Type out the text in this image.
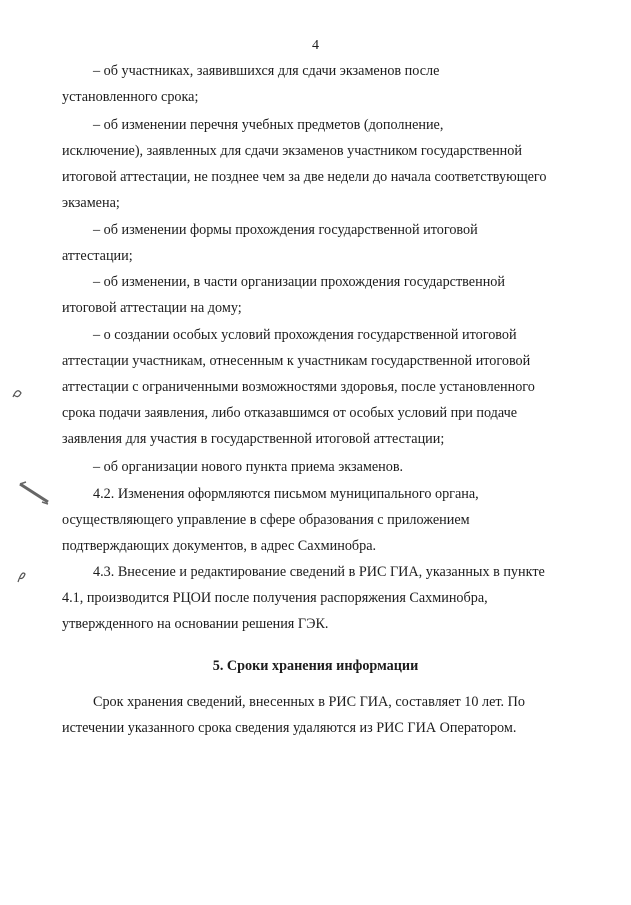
4
– об участниках, заявившихся для сдачи экзаменов после
установленного срока;
– об изменении перечня учебных предметов (дополнение,
исключение), заявленных для сдачи экзаменов участником государственной
итоговой аттестации, не позднее чем за две недели до начала соответствующего
экзамена;
– об изменении формы прохождения государственной итоговой
аттестации;
– об изменении, в части организации прохождения государственной
итоговой аттестации на дому;
– о создании особых условий прохождения государственной итоговой
аттестации участникам, отнесенным к участникам государственной итоговой
аттестации с ограниченными возможностями здоровья, после установленного
срока подачи заявления, либо отказавшимся от особых условий при подаче
заявления для участия в государственной итоговой аттестации;
– об организации нового пункта приема экзаменов.
4.2. Изменения оформляются письмом муниципального органа,
осуществляющего управление в сфере образования с приложением
подтверждающих документов, в адрес Сахминобра.
4.3. Внесение и редактирование сведений в РИС ГИА, указанных в пункте
4.1, производится РЦОИ после получения распоряжения Сахминобра,
утвержденного на основании решения ГЭК.
5. Сроки хранения информации
Срок хранения сведений, внесенных в РИС ГИА, составляет 10 лет. По
истечении указанного срока сведения удаляются из РИС ГИА Оператором.
